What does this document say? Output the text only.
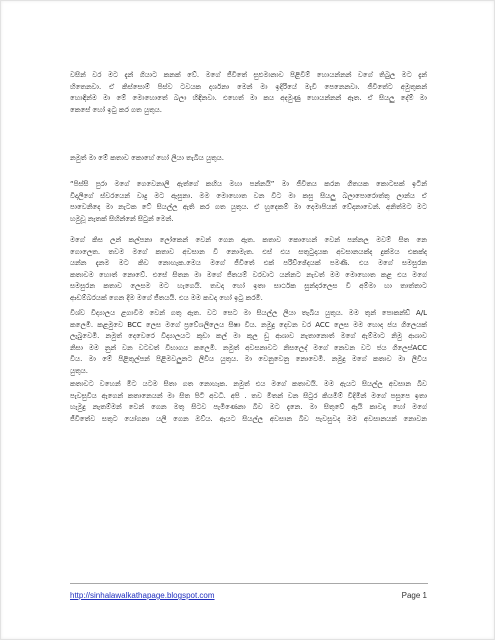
වසින් වර මට දැන් ගියාට කනක් වේ. මගේ ජීවිතේ සුළුමානාව පිළිවීම් හොයන්නන් වගේ තිබුල මට දැන්
හිතෙනවා. ඒ කිස්සොම් පිස්ව ටවයක දර්ශනා මෙන් මා ඉදිරියේ මැවී පෙනෙනවා. ජීවිතේට අමුතුකන්
හොඳින්ම මා මේ මොහොතේ බලා හිඳිනවා. එහෙත් මා කය අදමුණු හොයන්නන් ඈත. ඒ සියලු දේම් මා
කෙසේ හෝ ඉටු කර ගත යුතුය.
නමුත් මා මේ කතාව කොහේ හෝ ලියා තැබිය යුතුය.
“පිස්සි පුරා මගේ ගෙවෙනාලි ඇත්ගේ කහිය මහා පන්නයි” මා ජීවිතය කරන ගීතයක කොටසක් ඉටින්
විදලිගේ ස්වරයෙන් වාදු මට ඇසුනා. මම මොහොත වන විට මා කසු සියලු බලාපොරොත්තු ලාන්ය ඒ
පාවෙනිදෙ මා නැටක ටේ සියල්ල ඇති කර ගත යුතුය. ඒ හුදෙකම් මා දෙමාපියන් වේදනාවෙන්. අනිත්මට මට
හමුවූ නැතක් සිහින්නේ සිටුන් මෙන්.
මගේ කිස ලන් කල්පනා ලෝකෙන් වෙන් ගෙන ඇත. කතාව කොහෙන් වෙන් පන්නල මවම් සිත නෙ
ගොලෙත. තවම මගේ කතාව අවසාන වී නොමැත. එස් එය සතුටුදායක අවසානයක්ද දුක්මය එකක්ද
යන්න දැනම මට කිව නොහැක.මෙය මගේ ජීවිතේ එක් පරිච්ඡේදයක් පමණි. එය මගේ සමසුරන
කතාවම හොත් නොවේ. එසේ සිතන මා මගේ ජීතයම් වරවාට යන්නට නැවත් මම මොහොත කළ එය මගේ
සමසුරන කතාව ලෙසම මට හැගෙයි. තවදා හෝ ඉතා සාර්ථක සුන්දරලෙස වී අම්මා හා තාත්තාට
ආඩම්බරයක් ගෙන දීම මගේ ජීතයයි. එය මම කවදා හෝ ඉටු කරමි.
විශ්ව විද්‍යාලය ළගාවීම වෙන් ගතු ඇත. වට සෙට මා සියල්ල ලියා තැබිය යුතුය. මම තුන් පොකන්ඩ් A/L
කලෙමි. කළමුවෙ BCC ලෙස මගේ ප්‍රවේශලිලෙය සිෂා විය. නමුදු දෙවන වර ACC ලෙස මම හොද ජය ගිලෙයක්
ලැබුවෙමි. නමුත් දෙවෙරෙ විද්‍යාලයට කුඩා කල් මා කුල ඩු ආශාව නැතානොත් මගේ ඇම්මාට නිමු ආශාව
නිසා මම නුන් වන වටවත් විභාගය කලෙමි. නමුත් අවසනාවට නිසලෙද් මගේ නෙවන වට ජය ගිලෙස්ACC
විය. මා මේ පිළිතුල්පන් පිළිමවලුනට ලිවිය යුතුය. මා වෙනුවෙනු නොවෙමි. නමුදු මගේ කතාව මා ලිවිය
යුතුය.
කතාවට වහෙන් මිට යටම සිතා ගත නොහැක. නමුත් එය මගේ කතාවයි. මම ඇයට සියල්ල අවසාන බිව
පැවසුවිය ඇගෙන් කතානෙයන් මා සිත පිටි අවධි. අපි . තව මිතන් වන සිටුර කියමීම් විදිමින් මගේ පසුපෙ ඉතා
හැමුදු නැතම්මන් වෙන් ගෙන මතු සිටව පැමිණෙනා බිව මට දැනෙ. මා සිතුවේ ඇයි කාවදා හෝ මගේ
ජීවිතේව සතුට යෝගනා යලි ගෙන ඔව්ය. ඇයට සියල්ල අවසාන බිව පැවසුවද මම අවසානයන් නොවන
http://sinhalawalkathapage.blogspot.com	Page 1
